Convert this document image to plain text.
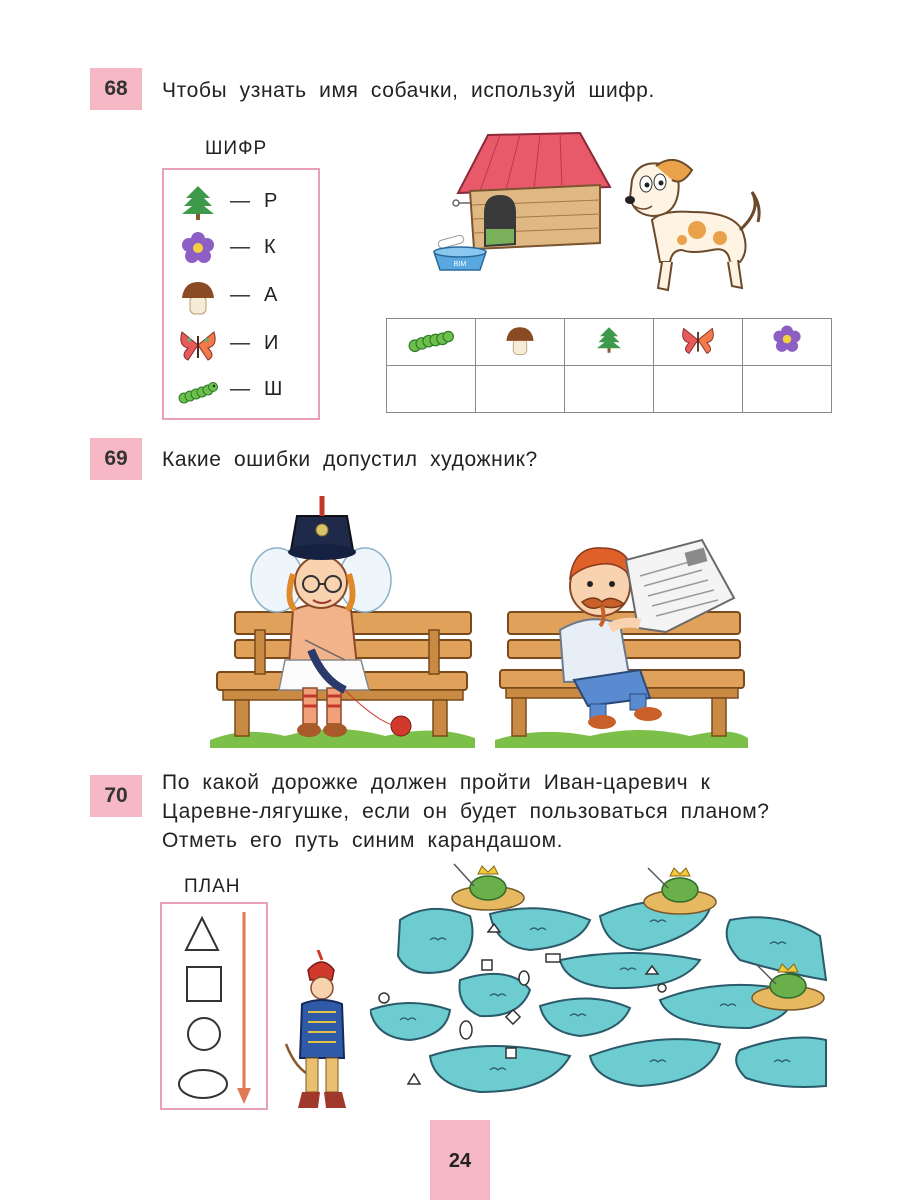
68	Чтобы узнать имя собачки, используй шифр.
ШИФР
— Р
— К
— А
— И
— Ш
BIM

69	Какие ошибки допустил художник?
70
По какой дорожке должен пройти Иван-царевич к
Царевне-лягушке, если он будет пользоваться планом?
Отметь его путь синим карандашом.
ПЛАН
24
